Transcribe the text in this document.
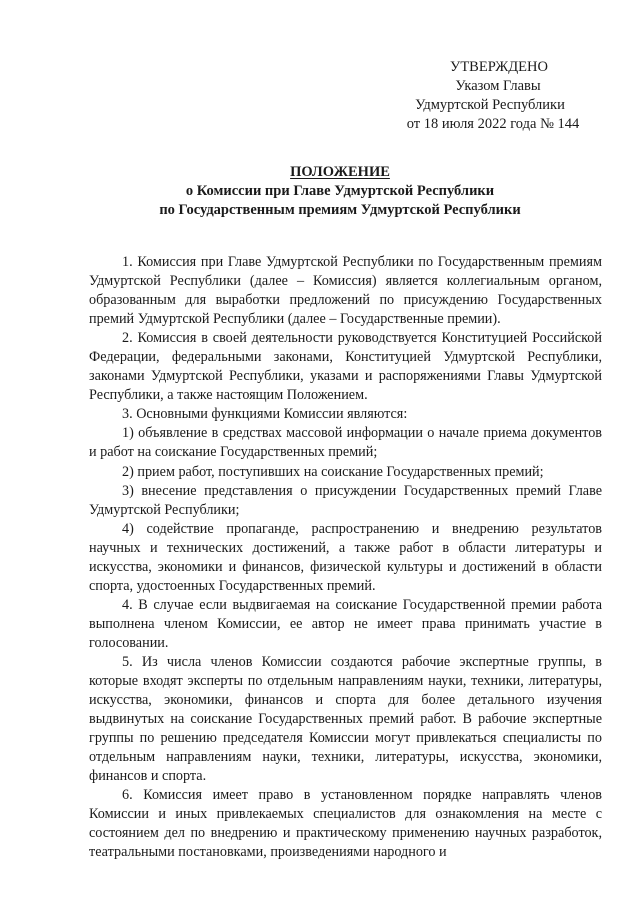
УТВЕРЖДЕНО
Указом Главы
Удмуртской Республики
от 18 июля 2022 года № 144
ПОЛОЖЕНИЕ
о Комиссии при Главе Удмуртской Республики
по Государственным премиям Удмуртской Республики

1. Комиссия при Главе Удмуртской Республики по Государственным премиям Удмуртской Республики (далее – Комиссия) является коллегиальным органом, образованным для выработки предложений по присуждению Государственных премий Удмуртской Республики (далее – Государственные премии).

2. Комиссия в своей деятельности руководствуется Конституцией Российской Федерации, федеральными законами, Конституцией Удмуртской Республики, законами Удмуртской Республики, указами и распоряжениями Главы Удмуртской Республики, а также настоящим Положением.

3. Основными функциями Комиссии являются:

1) объявление в средствах массовой информации о начале приема документов и работ на соискание Государственных премий;

2) прием работ, поступивших на соискание Государственных премий;

3) внесение представления о присуждении Государственных премий Главе Удмуртской Республики;

4) содействие пропаганде, распространению и внедрению результатов научных и технических достижений, а также работ в области литературы и искусства, экономики и финансов, физической культуры и достижений в области спорта, удостоенных Государственных премий.

4. В случае если выдвигаемая на соискание Государственной премии работа выполнена членом Комиссии, ее автор не имеет права принимать участие в голосовании.

5. Из числа членов Комиссии создаются рабочие экспертные группы, в которые входят эксперты по отдельным направлениям науки, техники, литературы, искусства, экономики, финансов и спорта для более детального изучения выдвинутых на соискание Государственных премий работ. В рабочие экспертные группы по решению председателя Комиссии могут привлекаться специалисты по отдельным направлениям науки, техники, литературы, искусства, экономики, финансов и спорта.

6. Комиссия имеет право в установленном порядке направлять членов Комиссии и иных привлекаемых специалистов для ознакомления на месте с состоянием дел по внедрению и практическому применению научных разработок, театральными постановками, произведениями народного и
